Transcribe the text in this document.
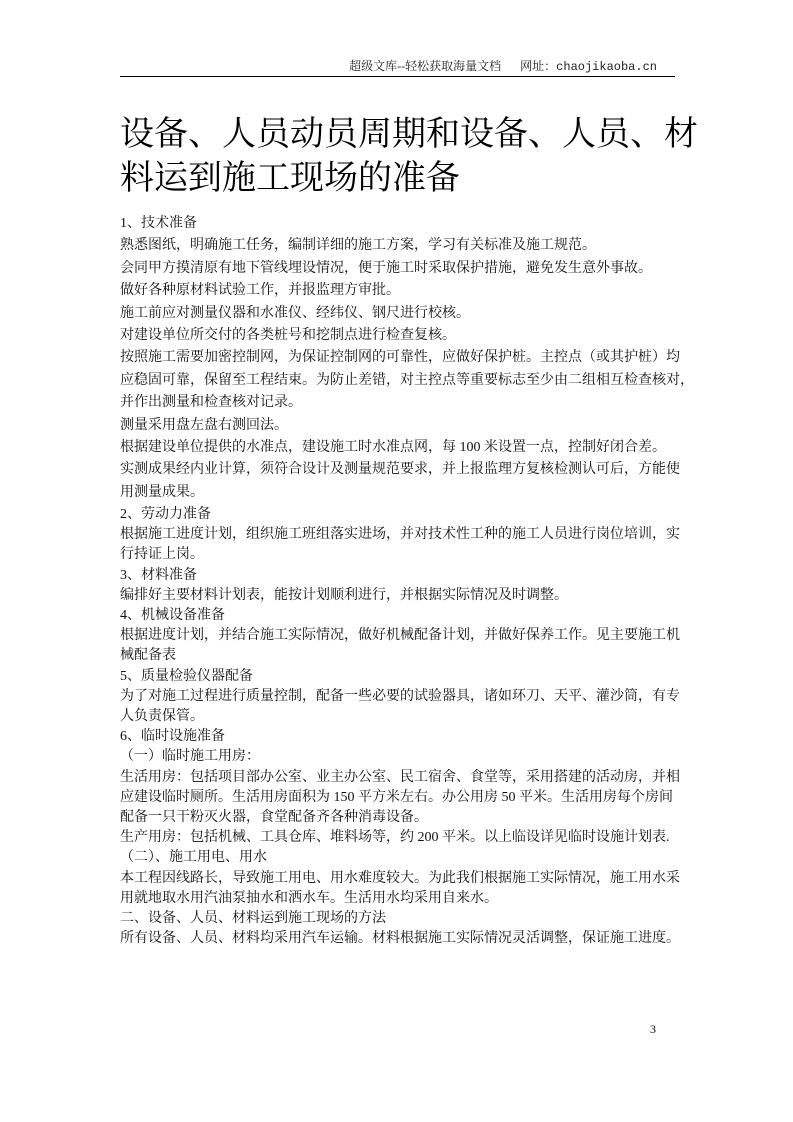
超级文库--轻松获取海量文档 网址：chaojikaoba.cn
设备、人员动员周期和设备、人员、材
料运到施工现场的准备
1、技术准备
熟悉图纸，明确施工任务，编制详细的施工方案，学习有关标准及施工规范。
会同甲方摸清原有地下管线埋设情况，便于施工时采取保护措施，避免发生意外事故。
做好各种原材料试验工作，并报监理方审批。
施工前应对测量仪器和水准仪、经纬仪、钢尺进行校核。
对建设单位所交付的各类桩号和挖制点进行检查复核。
按照施工需要加密控制网，为保证控制网的可靠性，应做好保护桩。主控点（或其护桩）均
应稳固可靠，保留至工程结束。为防止差错，对主控点等重要标志至少由二组相互检查核对，
并作出测量和检查核对记录。
测量采用盘左盘右测回法。
根据建设单位提供的水准点，建设施工时水准点网，每 100 米设置一点，控制好闭合差。
实测成果经内业计算，须符合设计及测量规范要求，并上报监理方复核检测认可后，方能使
用测量成果。
2、劳动力准备
根据施工进度计划，组织施工班组落实进场，并对技术性工种的施工人员进行岗位培训，实
行持证上岗。
3、材料准备
编排好主要材料计划表，能按计划顺利进行，并根据实际情况及时调整。
4、机械设备准备
根据进度计划，并结合施工实际情况，做好机械配备计划，并做好保养工作。见主要施工机
械配备表
5、质量检验仪器配备
为了对施工过程进行质量控制，配备一些必要的试验器具，诸如环刀、天平、灌沙筒，有专
人负责保管。
6、临时设施准备
（一）临时施工用房：
生活用房：包括项目部办公室、业主办公室、民工宿舍、食堂等，采用搭建的活动房，并相
应建设临时厕所。生活用房面积为 150 平方米左右。办公用房 50 平米。生活用房每个房间
配备一只干粉灭火器，食堂配备齐各种消毒设备。
生产用房：包括机械、工具仓库、堆料场等，约 200 平米。以上临设详见临时设施计划表.
（二）、施工用电、用水
本工程因线路长，导致施工用电、用水难度较大。为此我们根据施工实际情况，施工用水采
用就地取水用汽油泵抽水和洒水车。生活用水均采用自来水。
二、设备、人员、材料运到施工现场的方法
所有设备、人员、材料均采用汽车运输。材料根据施工实际情况灵活调整，保证施工进度。
3
